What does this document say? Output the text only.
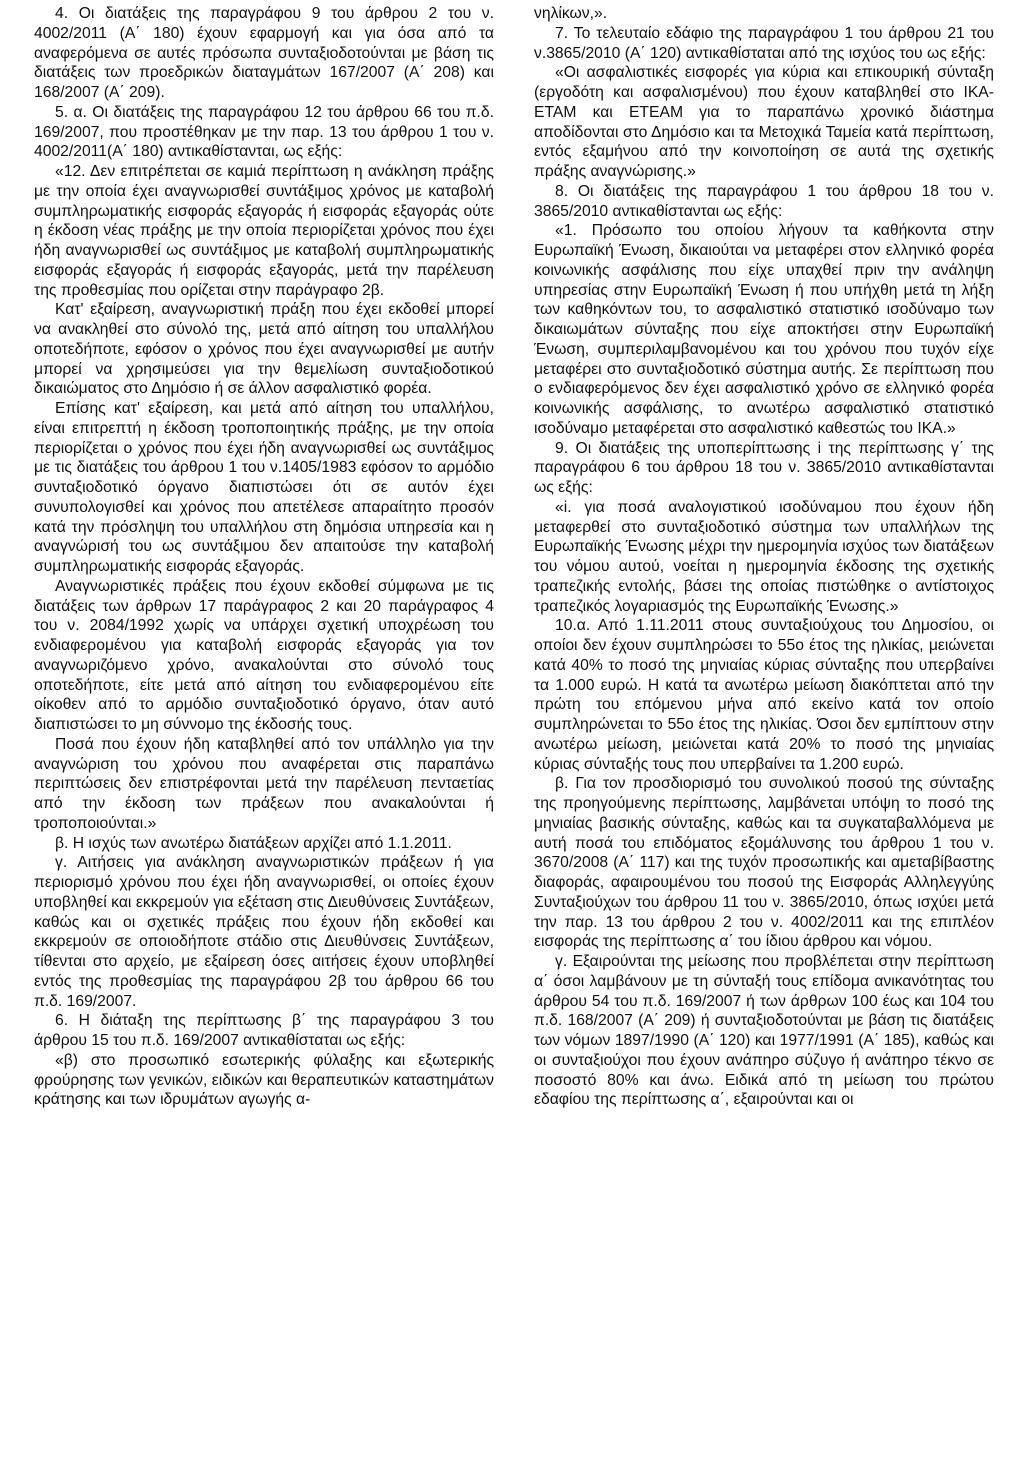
4. Οι διατάξεις της παραγράφου 9 του άρθρου 2 του ν. 4002/2011 (Α΄ 180) έχουν εφαρμογή και για όσα από τα αναφερόμενα σε αυτές πρόσωπα συνταξιοδοτούνται με βάση τις διατάξεις των προεδρικών διαταγμάτων 167/2007 (Α΄ 208) και 168/2007 (Α΄ 209).

5. α. Οι διατάξεις της παραγράφου 12 του άρθρου 66 του π.δ. 169/2007, που προστέθηκαν με την παρ. 13 του άρθρου 1 του ν. 4002/2011(Α΄ 180) αντικαθίστανται, ως εξής:

«12. Δεν επιτρέπεται σε καμιά περίπτωση η ανάκληση πράξης με την οποία έχει αναγνωρισθεί συντάξιμος χρόνος με καταβολή συμπληρωματικής εισφοράς εξαγοράς ή εισφοράς εξαγοράς ούτε η έκδοση νέας πράξης με την οποία περιορίζεται χρόνος που έχει ήδη αναγνωρισθεί ως συντάξιμος με καταβολή συμπληρωματικής εισφοράς εξαγοράς ή εισφοράς εξαγοράς, μετά την παρέλευση της προθεσμίας που ορίζεται στην παράγραφο 2β.

Κατ' εξαίρεση, αναγνωριστική πράξη που έχει εκδοθεί μπορεί να ανακληθεί στο σύνολό της, μετά από αίτηση του υπαλλήλου οποτεδήποτε, εφόσον ο χρόνος που έχει αναγνωρισθεί με αυτήν μπορεί να χρησιμεύσει για την θεμελίωση συνταξιοδοτικού δικαιώματος στο Δημόσιο ή σε άλλον ασφαλιστικό φορέα.

Επίσης κατ' εξαίρεση, και μετά από αίτηση του υπαλλήλου, είναι επιτρεπτή η έκδοση τροποποιητικής πράξης, με την οποία περιορίζεται ο χρόνος που έχει ήδη αναγνωρισθεί ως συντάξιμος με τις διατάξεις του άρθρου 1 του ν.1405/1983 εφόσον το αρμόδιο συνταξιοδοτικό όργανο διαπιστώσει ότι σε αυτόν έχει συνυπολογισθεί και χρόνος που απετέλεσε απαραίτητο προσόν κατά την πρόσληψη του υπαλλήλου στη δημόσια υπηρεσία και η αναγνώρισή του ως συντάξιμου δεν απαιτούσε την καταβολή συμπληρωματικής εισφοράς εξαγοράς.

Αναγνωριστικές πράξεις που έχουν εκδοθεί σύμφωνα με τις διατάξεις των άρθρων 17 παράγραφος 2 και 20 παράγραφος 4 του ν. 2084/1992 χωρίς να υπάρχει σχετική υποχρέωση του ενδιαφερομένου για καταβολή εισφοράς εξαγοράς για τον αναγνωριζόμενο χρόνο, ανακαλούνται στο σύνολό τους οποτεδήποτε, είτε μετά από αίτηση του ενδιαφερομένου είτε οίκοθεν από το αρμόδιο συνταξιοδοτικό όργανο, όταν αυτό διαπιστώσει το μη σύννομο της έκδοσής τους.

Ποσά που έχουν ήδη καταβληθεί από τον υπάλληλο για την αναγνώριση του χρόνου που αναφέρεται στις παραπάνω περιπτώσεις δεν επιστρέφονται μετά την παρέλευση πενταετίας από την έκδοση των πράξεων που ανακαλούνται ή τροποποιούνται.»

β. Η ισχύς των ανωτέρω διατάξεων αρχίζει από 1.1.2011.

γ. Αιτήσεις για ανάκληση αναγνωριστικών πράξεων ή για περιορισμό χρόνου που έχει ήδη αναγνωρισθεί, οι οποίες έχουν υποβληθεί και εκκρεμούν για εξέταση στις Διευθύνσεις Συντάξεων, καθώς και οι σχετικές πράξεις που έχουν ήδη εκδοθεί και εκκρεμούν σε οποιοδήποτε στάδιο στις Διευθύνσεις Συντάξεων, τίθενται στο αρχείο, με εξαίρεση όσες αιτήσεις έχουν υποβληθεί εντός της προθεσμίας της παραγράφου 2β του άρθρου 66 του π.δ. 169/2007.

6. Η διάταξη της περίπτωσης β΄ της παραγράφου 3 του άρθρου 15 του π.δ. 169/2007 αντικαθίσταται ως εξής:

«β) στο προσωπικό εσωτερικής φύλαξης και εξωτερικής φρούρησης των γενικών, ειδικών και θεραπευτικών καταστημάτων κράτησης και των ιδρυμάτων αγωγής α-

νηλίκων,».

7. Το τελευταίο εδάφιο της παραγράφου 1 του άρθρου 21 του ν.3865/2010 (Α΄ 120) αντικαθίσταται από της ισχύος του ως εξής:

«Οι ασφαλιστικές εισφορές για κύρια και επικουρική σύνταξη (εργοδότη και ασφαλισμένου) που έχουν καταβληθεί στο ΙΚΑ-ΕΤΑΜ και ΕΤΕΑΜ για το παραπάνω χρονικό διάστημα αποδίδονται στο Δημόσιο και τα Μετοχικά Ταμεία κατά περίπτωση, εντός εξαμήνου από την κοινοποίηση σε αυτά της σχετικής πράξης αναγνώρισης.»

8. Οι διατάξεις της παραγράφου 1 του άρθρου 18 του ν. 3865/2010 αντικαθίστανται ως εξής:

«1. Πρόσωπο του οποίου λήγουν τα καθήκοντα στην Ευρωπαϊκή Ένωση, δικαιούται να μεταφέρει στον ελληνικό φορέα κοινωνικής ασφάλισης που είχε υπαχθεί πριν την ανάληψη υπηρεσίας στην Ευρωπαϊκή Ένωση ή που υπήχθη μετά τη λήξη των καθηκόντων του, το ασφαλιστικό στατιστικό ισοδύναμο των δικαιωμάτων σύνταξης που είχε αποκτήσει στην Ευρωπαϊκή Ένωση, συμπεριλαμβανομένου και του χρόνου που τυχόν είχε μεταφέρει στο συνταξιοδοτικό σύστημα αυτής. Σε περίπτωση που ο ενδιαφερόμενος δεν έχει ασφαλιστικό χρόνο σε ελληνικό φορέα κοινωνικής ασφάλισης, το ανωτέρω ασφαλιστικό στατιστικό ισοδύναμο μεταφέρεται στο ασφαλιστικό καθεστώς του ΙΚΑ.»

9. Οι διατάξεις της υποπερίπτωσης i της περίπτωσης γ΄ της παραγράφου 6 του άρθρου 18 του ν. 3865/2010 αντικαθίστανται ως εξής:

«i. για ποσά αναλογιστικού ισοδύναμου που έχουν ήδη μεταφερθεί στο συνταξιοδοτικό σύστημα των υπαλλήλων της Ευρωπαϊκής Ένωσης μέχρι την ημερομηνία ισχύος των διατάξεων του νόμου αυτού, νοείται η ημερομηνία έκδοσης της σχετικής τραπεζικής εντολής, βάσει της οποίας πιστώθηκε ο αντίστοιχος τραπεζικός λογαριασμός της Ευρωπαϊκής Ένωσης.»

10.α. Από 1.11.2011 στους συνταξιούχους του Δημοσίου, οι οποίοι δεν έχουν συμπληρώσει το 55ο έτος της ηλικίας, μειώνεται κατά 40% το ποσό της μηνιαίας κύριας σύνταξης που υπερβαίνει τα 1.000 ευρώ. Η κατά τα ανωτέρω μείωση διακόπτεται από την πρώτη του επόμενου μήνα από εκείνο κατά τον οποίο συμπληρώνεται το 55ο έτος της ηλικίας. Όσοι δεν εμπίπτουν στην ανωτέρω μείωση, μειώνεται κατά 20% το ποσό της μηνιαίας κύριας σύνταξής τους που υπερβαίνει τα 1.200 ευρώ.

β. Για τον προσδιορισμό του συνολικού ποσού της σύνταξης της προηγούμενης περίπτωσης, λαμβάνεται υπόψη το ποσό της μηνιαίας βασικής σύνταξης, καθώς και τα συγκαταβαλλόμενα με αυτή ποσά του επιδόματος εξομάλυνσης του άρθρου 1 του ν. 3670/2008 (Α΄ 117) και της τυχόν προσωπικής και αμεταβίβαστης διαφοράς, αφαιρουμένου του ποσού της Εισφοράς Αλληλεγγύης Συνταξιούχων του άρθρου 11 του ν. 3865/2010, όπως ισχύει μετά την παρ. 13 του άρθρου 2 του ν. 4002/2011 και της επιπλέον εισφοράς της περίπτωσης α΄ του ίδιου άρθρου και νόμου.

γ. Εξαιρούνται της μείωσης που προβλέπεται στην περίπτωση α΄ όσοι λαμβάνουν με τη σύνταξή τους επίδομα ανικανότητας του άρθρου 54 του π.δ. 169/2007 ή των άρθρων 100 έως και 104 του π.δ. 168/2007 (Α΄ 209) ή συνταξιοδοτούνται με βάση τις διατάξεις των νόμων 1897/1990 (Α΄ 120) και 1977/1991 (Α΄ 185), καθώς και οι συνταξιούχοι που έχουν ανάπηρο σύζυγο ή ανάπηρο τέκνο σε ποσοστό 80% και άνω. Ειδικά από τη μείωση του πρώτου εδαφίου της περίπτωσης α΄, εξαιρούνται και οι
